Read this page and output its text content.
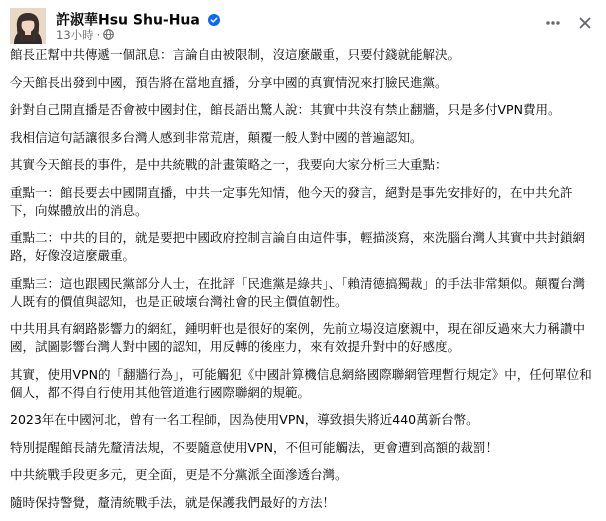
許淑華Hsu Shu-Hua
13小時 ·

館長正幫中共傳遞一個訊息：言論自由被限制，沒這麼嚴重，只要付錢就能解決。

今天館長出發到中國，預告將在當地直播，分享中國的真實情況來打臉民進黨。

針對自己開直播是否會被中國封住，館長語出驚人說：其實中共沒有禁止翻牆，只是多付VPN費用。

我相信這句話讓很多台灣人感到非常荒唐，顛覆一般人對中國的普遍認知。

其實今天館長的事件，是中共統戰的計畫策略之一，我要向大家分析三大重點：

重點一：館長要去中國開直播，中共一定事先知情，他今天的發言，絕對是事先安排好的，在中共允許下，向媒體放出的消息。

重點二：中共的目的，就是要把中國政府控制言論自由這件事，輕描淡寫，來洗腦台灣人其實中共封鎖網路，好像沒這麼嚴重。

重點三：這也跟國民黨部分人士，在批評「民進黨是綠共」、「賴清德搞獨裁」的手法非常類似。顛覆台灣人既有的價值與認知，也是正破壞台灣社會的民主價值韌性。

中共用具有網路影響力的網紅，鍾明軒也是很好的案例，先前立場沒這麼親中，現在卻反過來大力稱讚中國，試圖影響台灣人對中國的認知，用反轉的後座力，來有效提升對中的好感度。

其實，使用VPN的「翻牆行為」，可能觸犯《中國計算機信息網絡國際聯網管理暫行規定》中，任何單位和個人，都不得自行使用其他管道進行國際聯網的規範。

2023年在中國河北，曾有一名工程師，因為使用VPN，導致損失將近440萬新台幣。

特別提醒館長請先釐清法規，不要隨意使用VPN，不但可能觸法，更會遭到高額的裁罰！

中共統戰手段更多元，更全面，更是不分黨派全面滲透台灣。

隨時保持警覺，釐清統戰手法，就是保護我們最好的方法！
